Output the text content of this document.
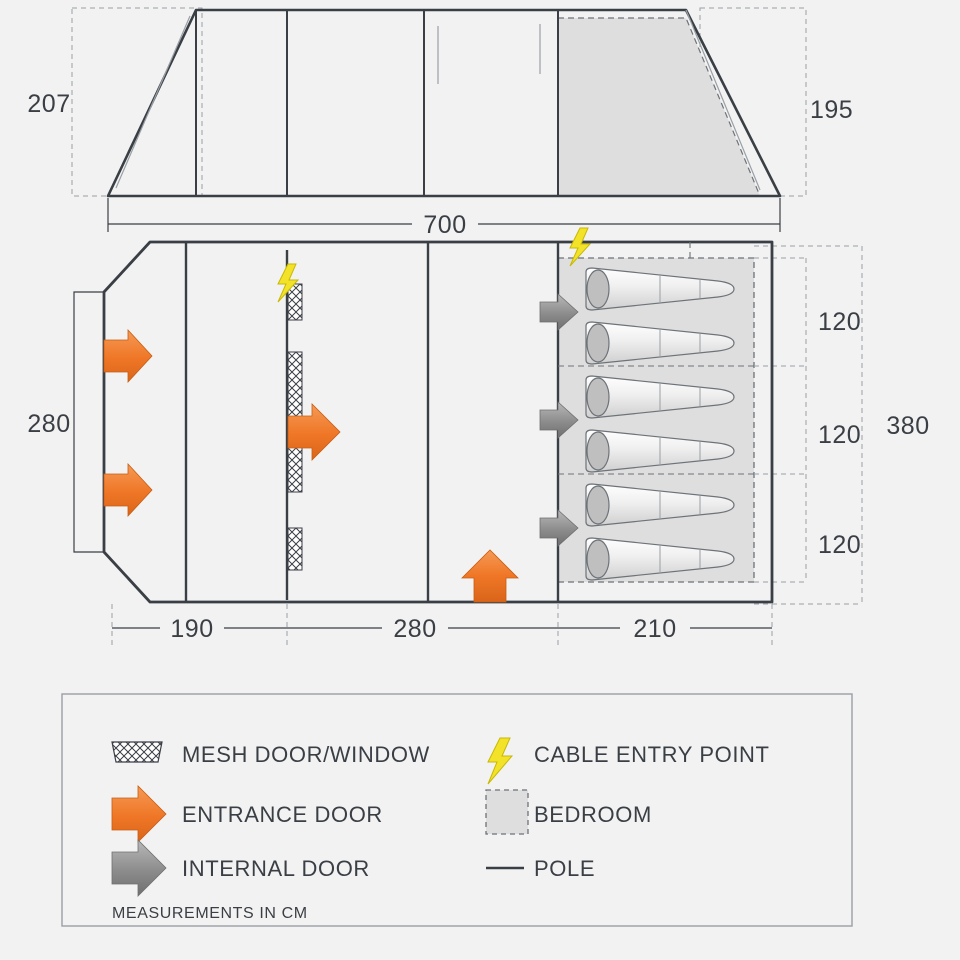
207	195
700
280	380
120
120
120
190	280	210
MESH DOOR/WINDOW	CABLE ENTRY POINT
ENTRANCE DOOR	BEDROOM
INTERNAL DOOR	POLE
MEASUREMENTS IN CM
